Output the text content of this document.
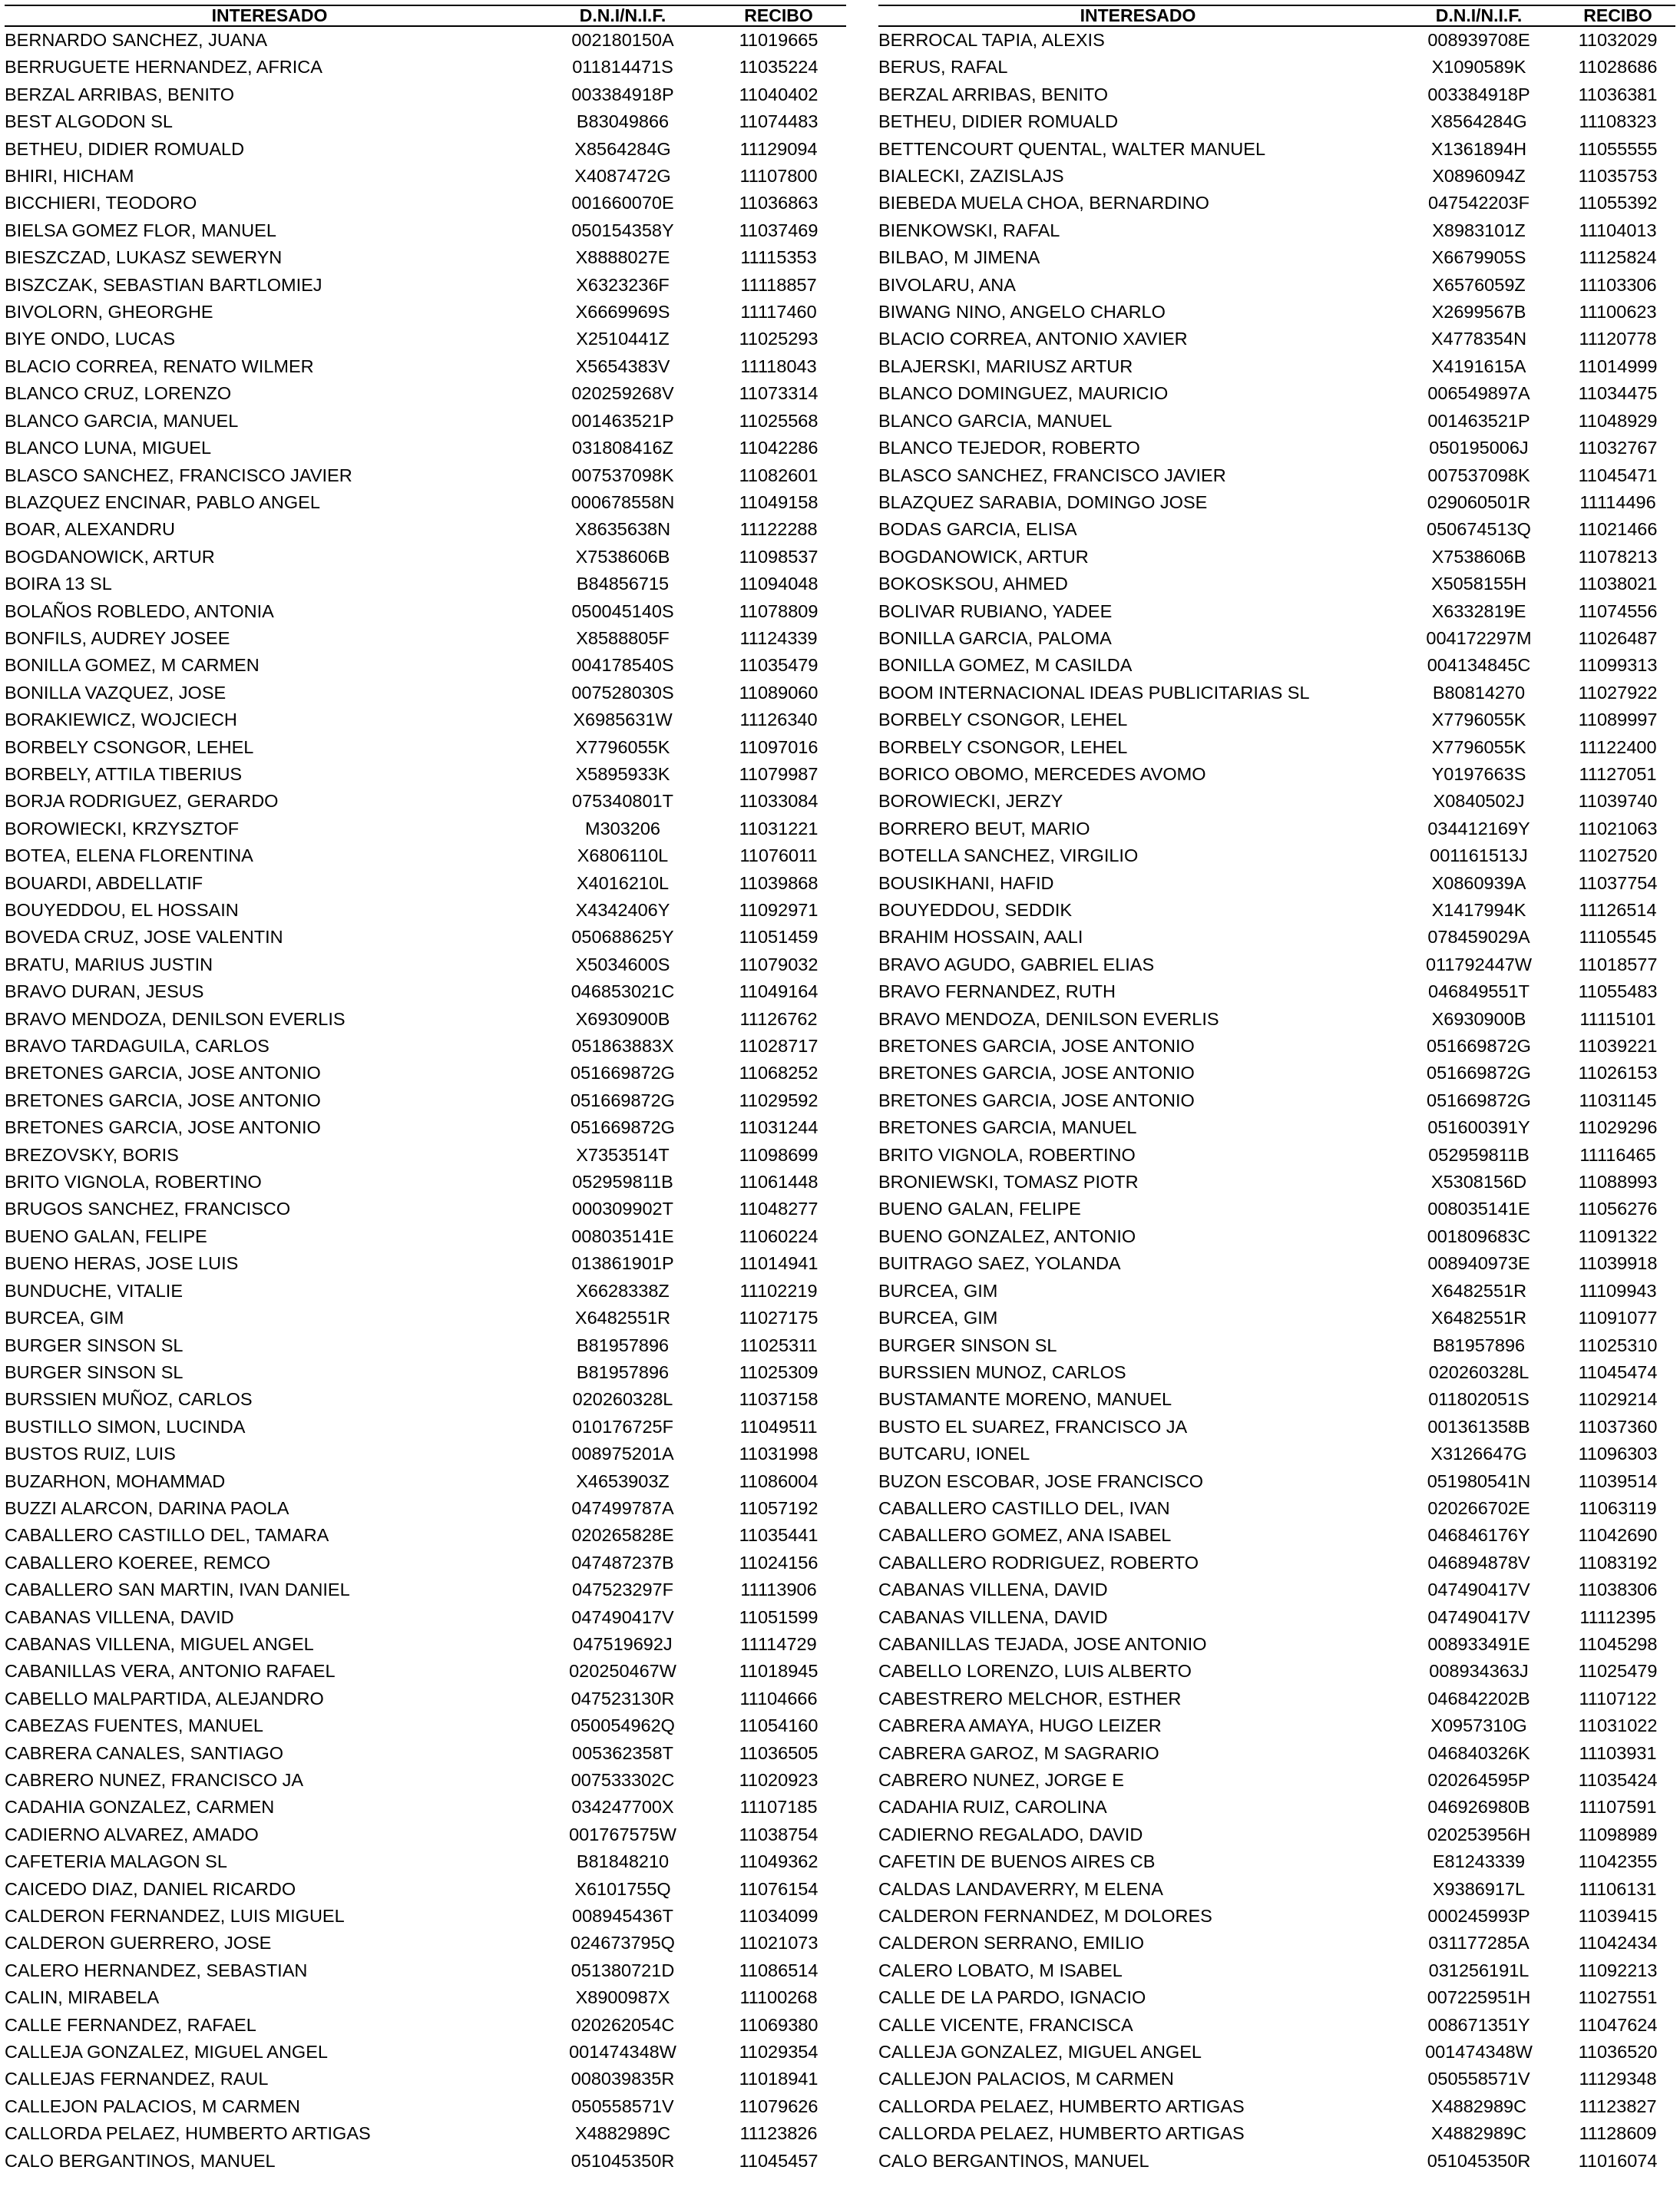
INTERESADO	D.N.I/N.I.F.	RECIBO
BERNARDO SANCHEZ, JUANA	002180150A	11019665
BERRUGUETE HERNANDEZ, AFRICA	011814471S	11035224
BERZAL ARRIBAS, BENITO	003384918P	11040402
BEST ALGODON SL	B83049866	11074483
BETHEU, DIDIER ROMUALD	X8564284G	11129094
BHIRI, HICHAM	X4087472G	11107800
BICCHIERI, TEODORO	001660070E	11036863
BIELSA GOMEZ FLOR, MANUEL	050154358Y	11037469
BIESZCZAD, LUKASZ SEWERYN	X8888027E	11115353
BISZCZAK, SEBASTIAN BARTLOMIEJ	X6323236F	11118857
BIVOLORN, GHEORGHE	X6669969S	11117460
BIYE ONDO, LUCAS	X2510441Z	11025293
BLACIO CORREA, RENATO WILMER	X5654383V	11118043
BLANCO CRUZ, LORENZO	020259268V	11073314
BLANCO GARCIA, MANUEL	001463521P	11025568
BLANCO LUNA, MIGUEL	031808416Z	11042286
BLASCO SANCHEZ, FRANCISCO JAVIER	007537098K	11082601
BLAZQUEZ ENCINAR, PABLO ANGEL	000678558N	11049158
BOAR, ALEXANDRU	X8635638N	11122288
BOGDANOWICK, ARTUR	X7538606B	11098537
BOIRA 13 SL	B84856715	11094048
BOLAÑOS ROBLEDO, ANTONIA	050045140S	11078809
BONFILS, AUDREY JOSEE	X8588805F	11124339
BONILLA GOMEZ, M CARMEN	004178540S	11035479
BONILLA VAZQUEZ, JOSE	007528030S	11089060
BORAKIEWICZ, WOJCIECH	X6985631W	11126340
BORBELY CSONGOR, LEHEL	X7796055K	11097016
BORBELY, ATTILA TIBERIUS	X5895933K	11079987
BORJA RODRIGUEZ, GERARDO	075340801T	11033084
BOROWIECKI, KRZYSZTOF	M303206	11031221
BOTEA, ELENA FLORENTINA	X6806110L	11076011
BOUARDI, ABDELLATIF	X4016210L	11039868
BOUYEDDOU, EL HOSSAIN	X4342406Y	11092971
BOVEDA CRUZ, JOSE VALENTIN	050688625Y	11051459
BRATU, MARIUS JUSTIN	X5034600S	11079032
BRAVO DURAN, JESUS	046853021C	11049164
BRAVO MENDOZA, DENILSON EVERLIS	X6930900B	11126762
BRAVO TARDAGUILA, CARLOS	051863883X	11028717
BRETONES GARCIA, JOSE ANTONIO	051669872G	11068252
BRETONES GARCIA, JOSE ANTONIO	051669872G	11029592
BRETONES GARCIA, JOSE ANTONIO	051669872G	11031244
BREZOVSKY, BORIS	X7353514T	11098699
BRITO VIGNOLA, ROBERTINO	052959811B	11061448
BRUGOS SANCHEZ, FRANCISCO	000309902T	11048277
BUENO GALAN, FELIPE	008035141E	11060224
BUENO HERAS, JOSE LUIS	013861901P	11014941
BUNDUCHE, VITALIE	X6628338Z	11102219
BURCEA, GIM	X6482551R	11027175
BURGER SINSON SL	B81957896	11025311
BURGER SINSON SL	B81957896	11025309
BURSSIEN MUÑOZ, CARLOS	020260328L	11037158
BUSTILLO SIMON, LUCINDA	010176725F	11049511
BUSTOS RUIZ, LUIS	008975201A	11031998
BUZARHON, MOHAMMAD	X4653903Z	11086004
BUZZI ALARCON, DARINA PAOLA	047499787A	11057192
CABALLERO CASTILLO DEL, TAMARA	020265828E	11035441
CABALLERO KOEREE, REMCO	047487237B	11024156
CABALLERO SAN MARTIN, IVAN DANIEL	047523297F	11113906
CABANAS VILLENA, DAVID	047490417V	11051599
CABANAS VILLENA, MIGUEL ANGEL	047519692J	11114729
CABANILLAS VERA, ANTONIO RAFAEL	020250467W	11018945
CABELLO MALPARTIDA, ALEJANDRO	047523130R	11104666
CABEZAS FUENTES, MANUEL	050054962Q	11054160
CABRERA CANALES, SANTIAGO	005362358T	11036505
CABRERO NUNEZ, FRANCISCO JA	007533302C	11020923
CADAHIA GONZALEZ, CARMEN	034247700X	11107185
CADIERNO ALVAREZ, AMADO	001767575W	11038754
CAFETERIA MALAGON SL	B81848210	11049362
CAICEDO DIAZ, DANIEL RICARDO	X6101755Q	11076154
CALDERON FERNANDEZ, LUIS MIGUEL	008945436T	11034099
CALDERON GUERRERO, JOSE	024673795Q	11021073
CALERO HERNANDEZ, SEBASTIAN	051380721D	11086514
CALIN, MIRABELA	X8900987X	11100268
CALLE FERNANDEZ, RAFAEL	020262054C	11069380
CALLEJA GONZALEZ, MIGUEL ANGEL	001474348W	11029354
CALLEJAS FERNANDEZ, RAUL	008039835R	11018941
CALLEJON PALACIOS, M CARMEN	050558571V	11079626
CALLORDA PELAEZ, HUMBERTO ARTIGAS	X4882989C	11123826
CALO BERGANTINOS, MANUEL	051045350R	11045457
INTERESADO	D.N.I/N.I.F.	RECIBO
BERROCAL TAPIA, ALEXIS	008939708E	11032029
BERUS, RAFAL	X1090589K	11028686
BERZAL ARRIBAS, BENITO	003384918P	11036381
BETHEU, DIDIER ROMUALD	X8564284G	11108323
BETTENCOURT QUENTAL, WALTER MANUEL	X1361894H	11055555
BIALECKI, ZAZISLAJS	X0896094Z	11035753
BIEBEDA MUELA CHOA, BERNARDINO	047542203F	11055392
BIENKOWSKI, RAFAL	X8983101Z	11104013
BILBAO, M JIMENA	X6679905S	11125824
BIVOLARU, ANA	X6576059Z	11103306
BIWANG NINO, ANGELO CHARLO	X2699567B	11100623
BLACIO CORREA, ANTONIO XAVIER	X4778354N	11120778
BLAJERSKI, MARIUSZ ARTUR	X4191615A	11014999
BLANCO DOMINGUEZ, MAURICIO	006549897A	11034475
BLANCO GARCIA, MANUEL	001463521P	11048929
BLANCO TEJEDOR, ROBERTO	050195006J	11032767
BLASCO SANCHEZ, FRANCISCO JAVIER	007537098K	11045471
BLAZQUEZ SARABIA, DOMINGO JOSE	029060501R	11114496
BODAS GARCIA, ELISA	050674513Q	11021466
BOGDANOWICK, ARTUR	X7538606B	11078213
BOKOSKSOU, AHMED	X5058155H	11038021
BOLIVAR RUBIANO, YADEE	X6332819E	11074556
BONILLA GARCIA, PALOMA	004172297M	11026487
BONILLA GOMEZ, M CASILDA	004134845C	11099313
BOOM INTERNACIONAL IDEAS PUBLICITARIAS SL	B80814270	11027922
BORBELY CSONGOR, LEHEL	X7796055K	11089997
BORBELY CSONGOR, LEHEL	X7796055K	11122400
BORICO OBOMO, MERCEDES AVOMO	Y0197663S	11127051
BOROWIECKI, JERZY	X0840502J	11039740
BORRERO BEUT, MARIO	034412169Y	11021063
BOTELLA SANCHEZ, VIRGILIO	001161513J	11027520
BOUSIKHANI, HAFID	X0860939A	11037754
BOUYEDDOU, SEDDIK	X1417994K	11126514
BRAHIM HOSSAIN, AALI	078459029A	11105545
BRAVO AGUDO, GABRIEL ELIAS	011792447W	11018577
BRAVO FERNANDEZ, RUTH	046849551T	11055483
BRAVO MENDOZA, DENILSON EVERLIS	X6930900B	11115101
BRETONES GARCIA, JOSE ANTONIO	051669872G	11039221
BRETONES GARCIA, JOSE ANTONIO	051669872G	11026153
BRETONES GARCIA, JOSE ANTONIO	051669872G	11031145
BRETONES GARCIA, MANUEL	051600391Y	11029296
BRITO VIGNOLA, ROBERTINO	052959811B	11116465
BRONIEWSKI, TOMASZ PIOTR	X5308156D	11088993
BUENO GALAN, FELIPE	008035141E	11056276
BUENO GONZALEZ, ANTONIO	001809683C	11091322
BUITRAGO SAEZ, YOLANDA	008940973E	11039918
BURCEA, GIM	X6482551R	11109943
BURCEA, GIM	X6482551R	11091077
BURGER SINSON SL	B81957896	11025310
BURSSIEN MUNOZ, CARLOS	020260328L	11045474
BUSTAMANTE MORENO, MANUEL	011802051S	11029214
BUSTO EL SUAREZ, FRANCISCO JA	001361358B	11037360
BUTCARU, IONEL	X3126647G	11096303
BUZON ESCOBAR, JOSE FRANCISCO	051980541N	11039514
CABALLERO CASTILLO DEL, IVAN	020266702E	11063119
CABALLERO GOMEZ, ANA ISABEL	046846176Y	11042690
CABALLERO RODRIGUEZ, ROBERTO	046894878V	11083192
CABANAS VILLENA, DAVID	047490417V	11038306
CABANAS VILLENA, DAVID	047490417V	11112395
CABANILLAS TEJADA, JOSE ANTONIO	008933491E	11045298
CABELLO LORENZO, LUIS ALBERTO	008934363J	11025479
CABESTRERO MELCHOR, ESTHER	046842202B	11107122
CABRERA AMAYA, HUGO LEIZER	X0957310G	11031022
CABRERA GAROZ, M SAGRARIO	046840326K	11103931
CABRERO NUNEZ, JORGE E	020264595P	11035424
CADAHIA RUIZ, CAROLINA	046926980B	11107591
CADIERNO REGALADO, DAVID	020253956H	11098989
CAFETIN DE BUENOS AIRES CB	E81243339	11042355
CALDAS LANDAVERRY, M ELENA	X9386917L	11106131
CALDERON FERNANDEZ, M DOLORES	000245993P	11039415
CALDERON SERRANO, EMILIO	031177285A	11042434
CALERO LOBATO, M ISABEL	031256191L	11092213
CALLE DE LA PARDO, IGNACIO	007225951H	11027551
CALLE VICENTE, FRANCISCA	008671351Y	11047624
CALLEJA GONZALEZ, MIGUEL ANGEL	001474348W	11036520
CALLEJON PALACIOS, M CARMEN	050558571V	11129348
CALLORDA PELAEZ, HUMBERTO ARTIGAS	X4882989C	11123827
CALLORDA PELAEZ, HUMBERTO ARTIGAS	X4882989C	11128609
CALO BERGANTINOS, MANUEL	051045350R	11016074
